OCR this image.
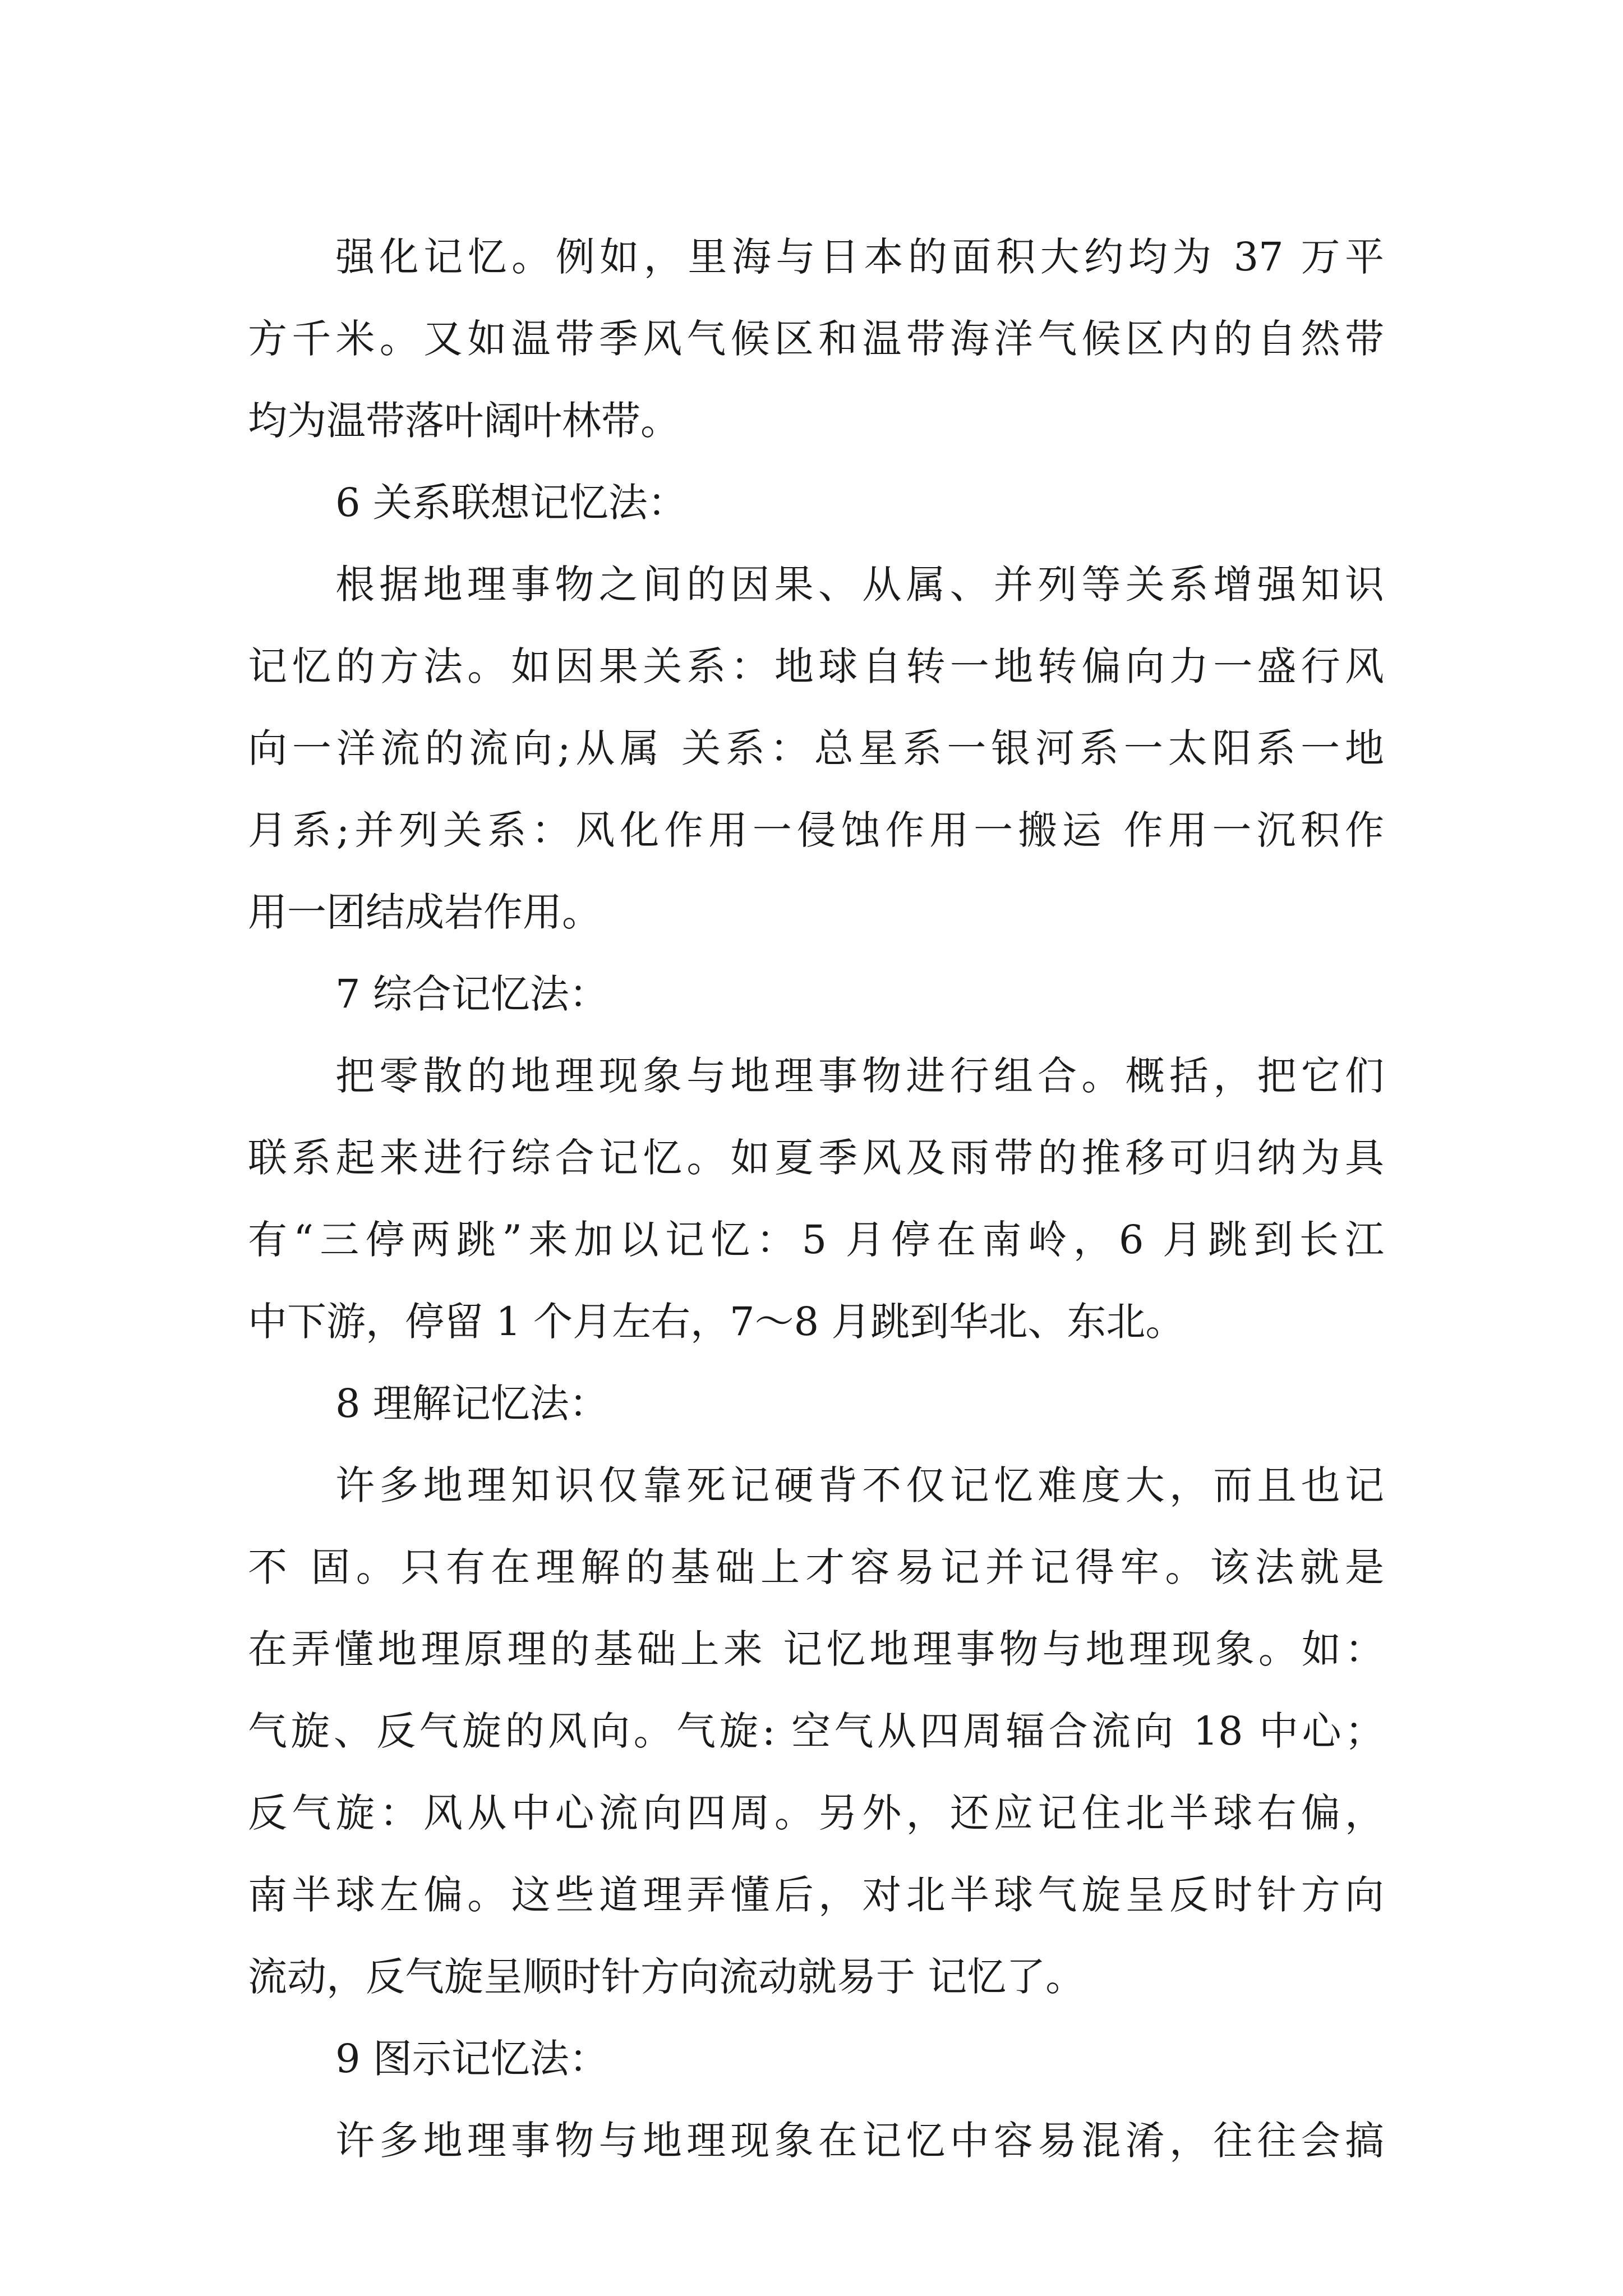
强化记忆。例如，里海与日本的面积大约均为 37 万平
方千米。又如温带季风气候区和温带海洋气候区内的自然带
均为温带落叶阔叶林带。
6 关系联想记忆法：
根据地理事物之间的因果、从属、并列等关系增强知识
记忆的方法。如因果关系：地球自转一地转偏向力一盛行风
向一洋流的流向;从属 关系：总星系一银河系一太阳系一地
月系;并列关系：风化作用一侵蚀作用一搬运 作用一沉积作
用一团结成岩作用。
7 综合记忆法：
把零散的地理现象与地理事物进行组合。概括，把它们
联系起来进行综合记忆。如夏季风及雨带的推移可归纳为具
有“三停两跳”来加以记忆：5 月停在南岭，6 月跳到长江
中下游，停留 1 个月左右，7～8 月跳到华北、东北。
8 理解记忆法：
许多地理知识仅靠死记硬背不仅记忆难度大，而且也记
不 固。只有在理解的基础上才容易记并记得牢。该法就是
在弄懂地理原理的基础上来 记忆地理事物与地理现象。如：
气旋、反气旋的风向。气旋: 空气从四周辐合流向 18 中心；
反气旋：风从中心流向四周。另外，还应记住北半球右偏，
南半球左偏。这些道理弄懂后，对北半球气旋呈反时针方向
流动，反气旋呈顺时针方向流动就易于 记忆了。
9 图示记忆法：
许多地理事物与地理现象在记忆中容易混淆，往往会搞
